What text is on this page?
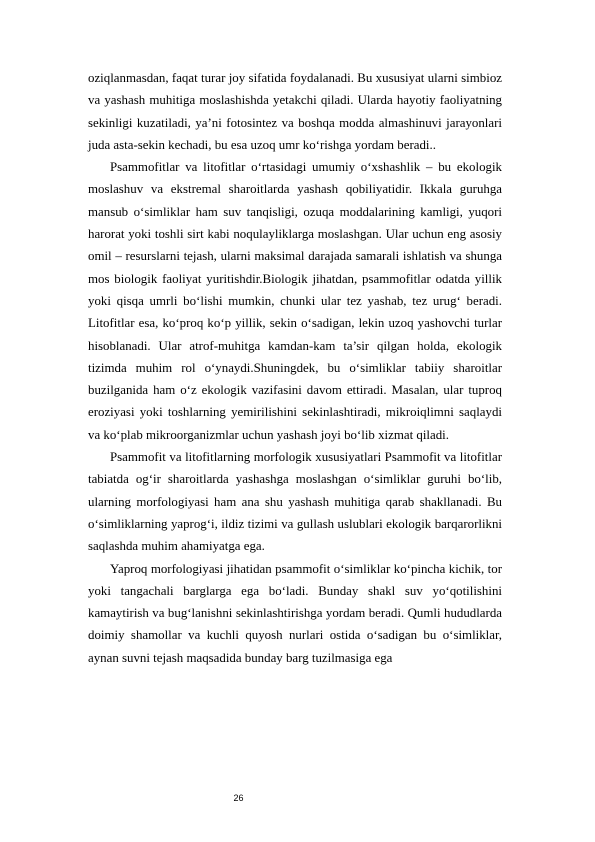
oziqlanmasdan, faqat turar joy sifatida foydalanadi. Bu xususiyat ularni simbioz va yashash muhitiga moslashishda yetakchi qiladi. Ularda hayotiy faoliyatning sekinligi kuzatiladi, ya’ni fotosintez va boshqa modda almashinuvi jarayonlari juda asta-sekin kechadi, bu esa uzoq umr ko‘rishga yordam beradi..

Psammofitlar va litofitlar o‘rtasidagi umumiy o‘xshashlik – bu ekologik moslashuv va ekstremal sharoitlarda yashash qobiliyatidir. Ikkala guruhga mansub o‘simliklar ham suv tanqisligi, ozuqa moddalarining kamligi, yuqori harorat yoki toshli sirt kabi noqulayliklarga moslashgan. Ular uchun eng asosiy omil – resurslarni tejash, ularni maksimal darajada samarali ishlatish va shunga mos biologik faoliyat yuritishdir.Biologik jihatdan, psammofitlar odatda yillik yoki qisqa umrli bo‘lishi mumkin, chunki ular tez yashab, tez urug‘ beradi. Litofitlar esa, ko‘proq ko‘p yillik, sekin o‘sadigan, lekin uzoq yashovchi turlar hisoblanadi. Ular atrof-muhitga kamdan-kam ta’sir qilgan holda, ekologik tizimda muhim rol o‘ynaydi.Shuningdek, bu o‘simliklar tabiiy sharoitlar buzilganida ham o‘z ekologik vazifasini davom ettiradi. Masalan, ular tuproq eroziyasi yoki toshlarning yemirilishini sekinlashtiradi, mikroiqlimni saqlaydi va ko‘plab mikroorganizmlar uchun yashash joyi bo‘lib xizmat qiladi.

Psammofit va litofitlarning morfologik xususiyatlari Psammofit va litofitlar tabiatda og‘ir sharoitlarda yashashga moslashgan o‘simliklar guruhi bo‘lib, ularning morfologiyasi ham ana shu yashash muhitiga qarab shakllanadi. Bu o‘simliklarning yaprog‘i, ildiz tizimi va gullash uslublari ekologik barqarorlikni saqlashda muhim ahamiyatga ega.

Yaproq morfologiyasi jihatidan psammofit o‘simliklar ko‘pincha kichik, tor yoki tangachali barglarga ega bo‘ladi. Bunday shakl suv yo‘qotilishini kamaytirish va bug‘lanishni sekinlashtirishga yordam beradi. Qumli hududlarda doimiy shamollar va kuchli quyosh nurlari ostida o‘sadigan bu o‘simliklar, aynan suvni tejash maqsadida bunday barg tuzilmasiga ega

26
